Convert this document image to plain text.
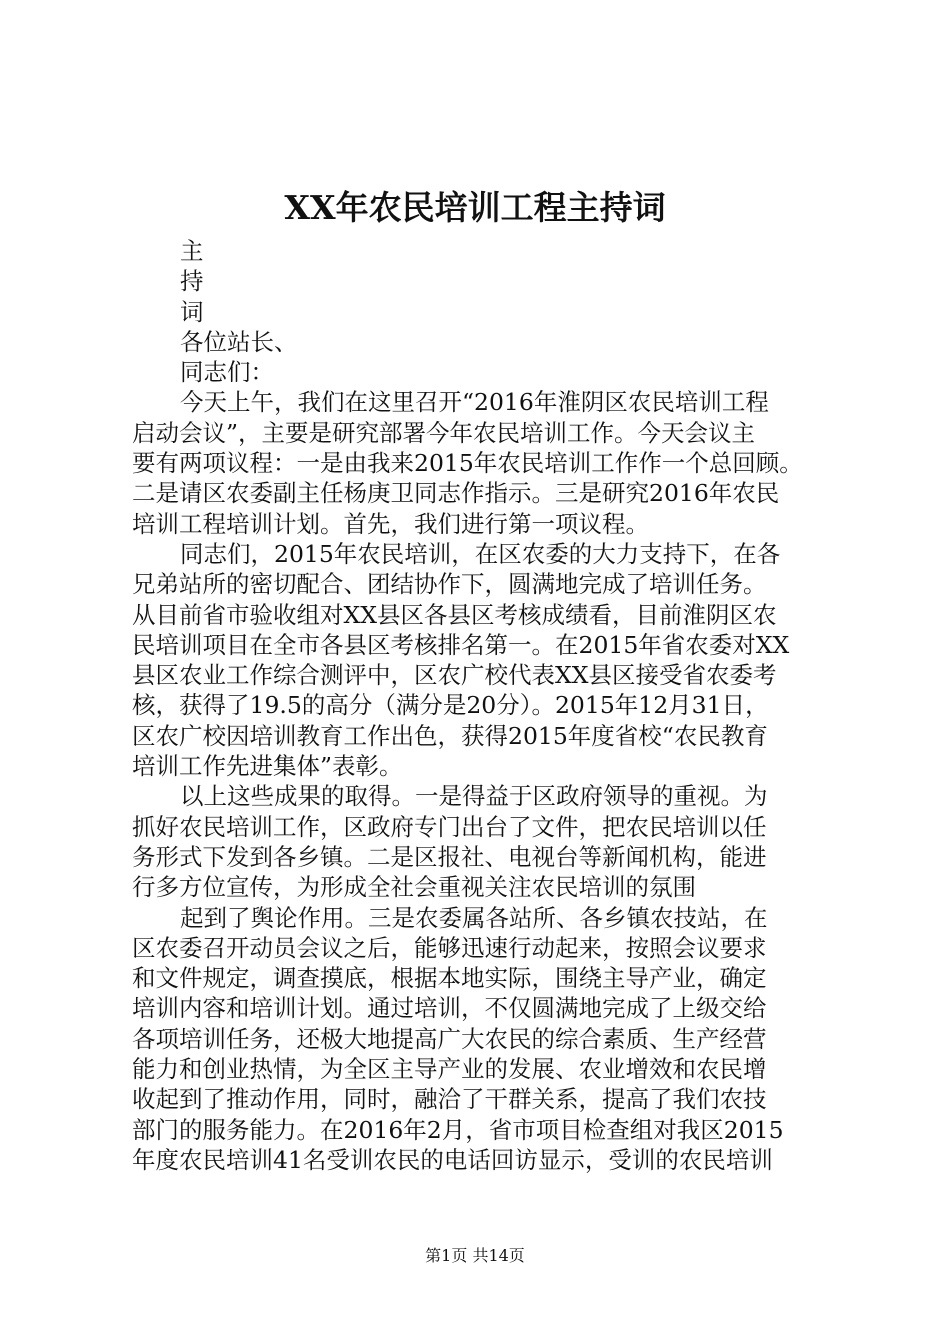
XX年农民培训工程主持词
主
持
词
各位站长、
同志们：
今天上午，我们在这里召开“2016年淮阴区农民培训工程
启动会议”，主要是研究部署今年农民培训工作。今天会议主
要有两项议程：一是由我来2015年农民培训工作作一个总回顾。
二是请区农委副主任杨庚卫同志作指示。三是研究2016年农民
培训工程培训计划。首先，我们进行第一项议程。
同志们，2015年农民培训，在区农委的大力支持下，在各
兄弟站所的密切配合、团结协作下，圆满地完成了培训任务。
从目前省市验收组对XX县区各县区考核成绩看，目前淮阴区农
民培训项目在全市各县区考核排名第一。在2015年省农委对XX
县区农业工作综合测评中，区农广校代表XX县区接受省农委考
核，获得了19.5的高分（满分是20分）。2015年12月31日，
区农广校因培训教育工作出色，获得2015年度省校“农民教育
培训工作先进集体”表彰。
以上这些成果的取得。一是得益于区政府领导的重视。为
抓好农民培训工作，区政府专门出台了文件，把农民培训以任
务形式下发到各乡镇。二是区报社、电视台等新闻机构，能进
行多方位宣传，为形成全社会重视关注农民培训的氛围
起到了舆论作用。三是农委属各站所、各乡镇农技站，在
区农委召开动员会议之后，能够迅速行动起来，按照会议要求
和文件规定，调查摸底，根据本地实际，围绕主导产业，确定
培训内容和培训计划。通过培训，不仅圆满地完成了上级交给
各项培训任务，还极大地提高广大农民的综合素质、生产经营
能力和创业热情，为全区主导产业的发展、农业增效和农民增
收起到了推动作用，同时，融洽了干群关系，提高了我们农技
部门的服务能力。在2016年2月，省市项目检查组对我区2015
年度农民培训41名受训农民的电话回访显示，受训的农民培训
第1页 共14页
